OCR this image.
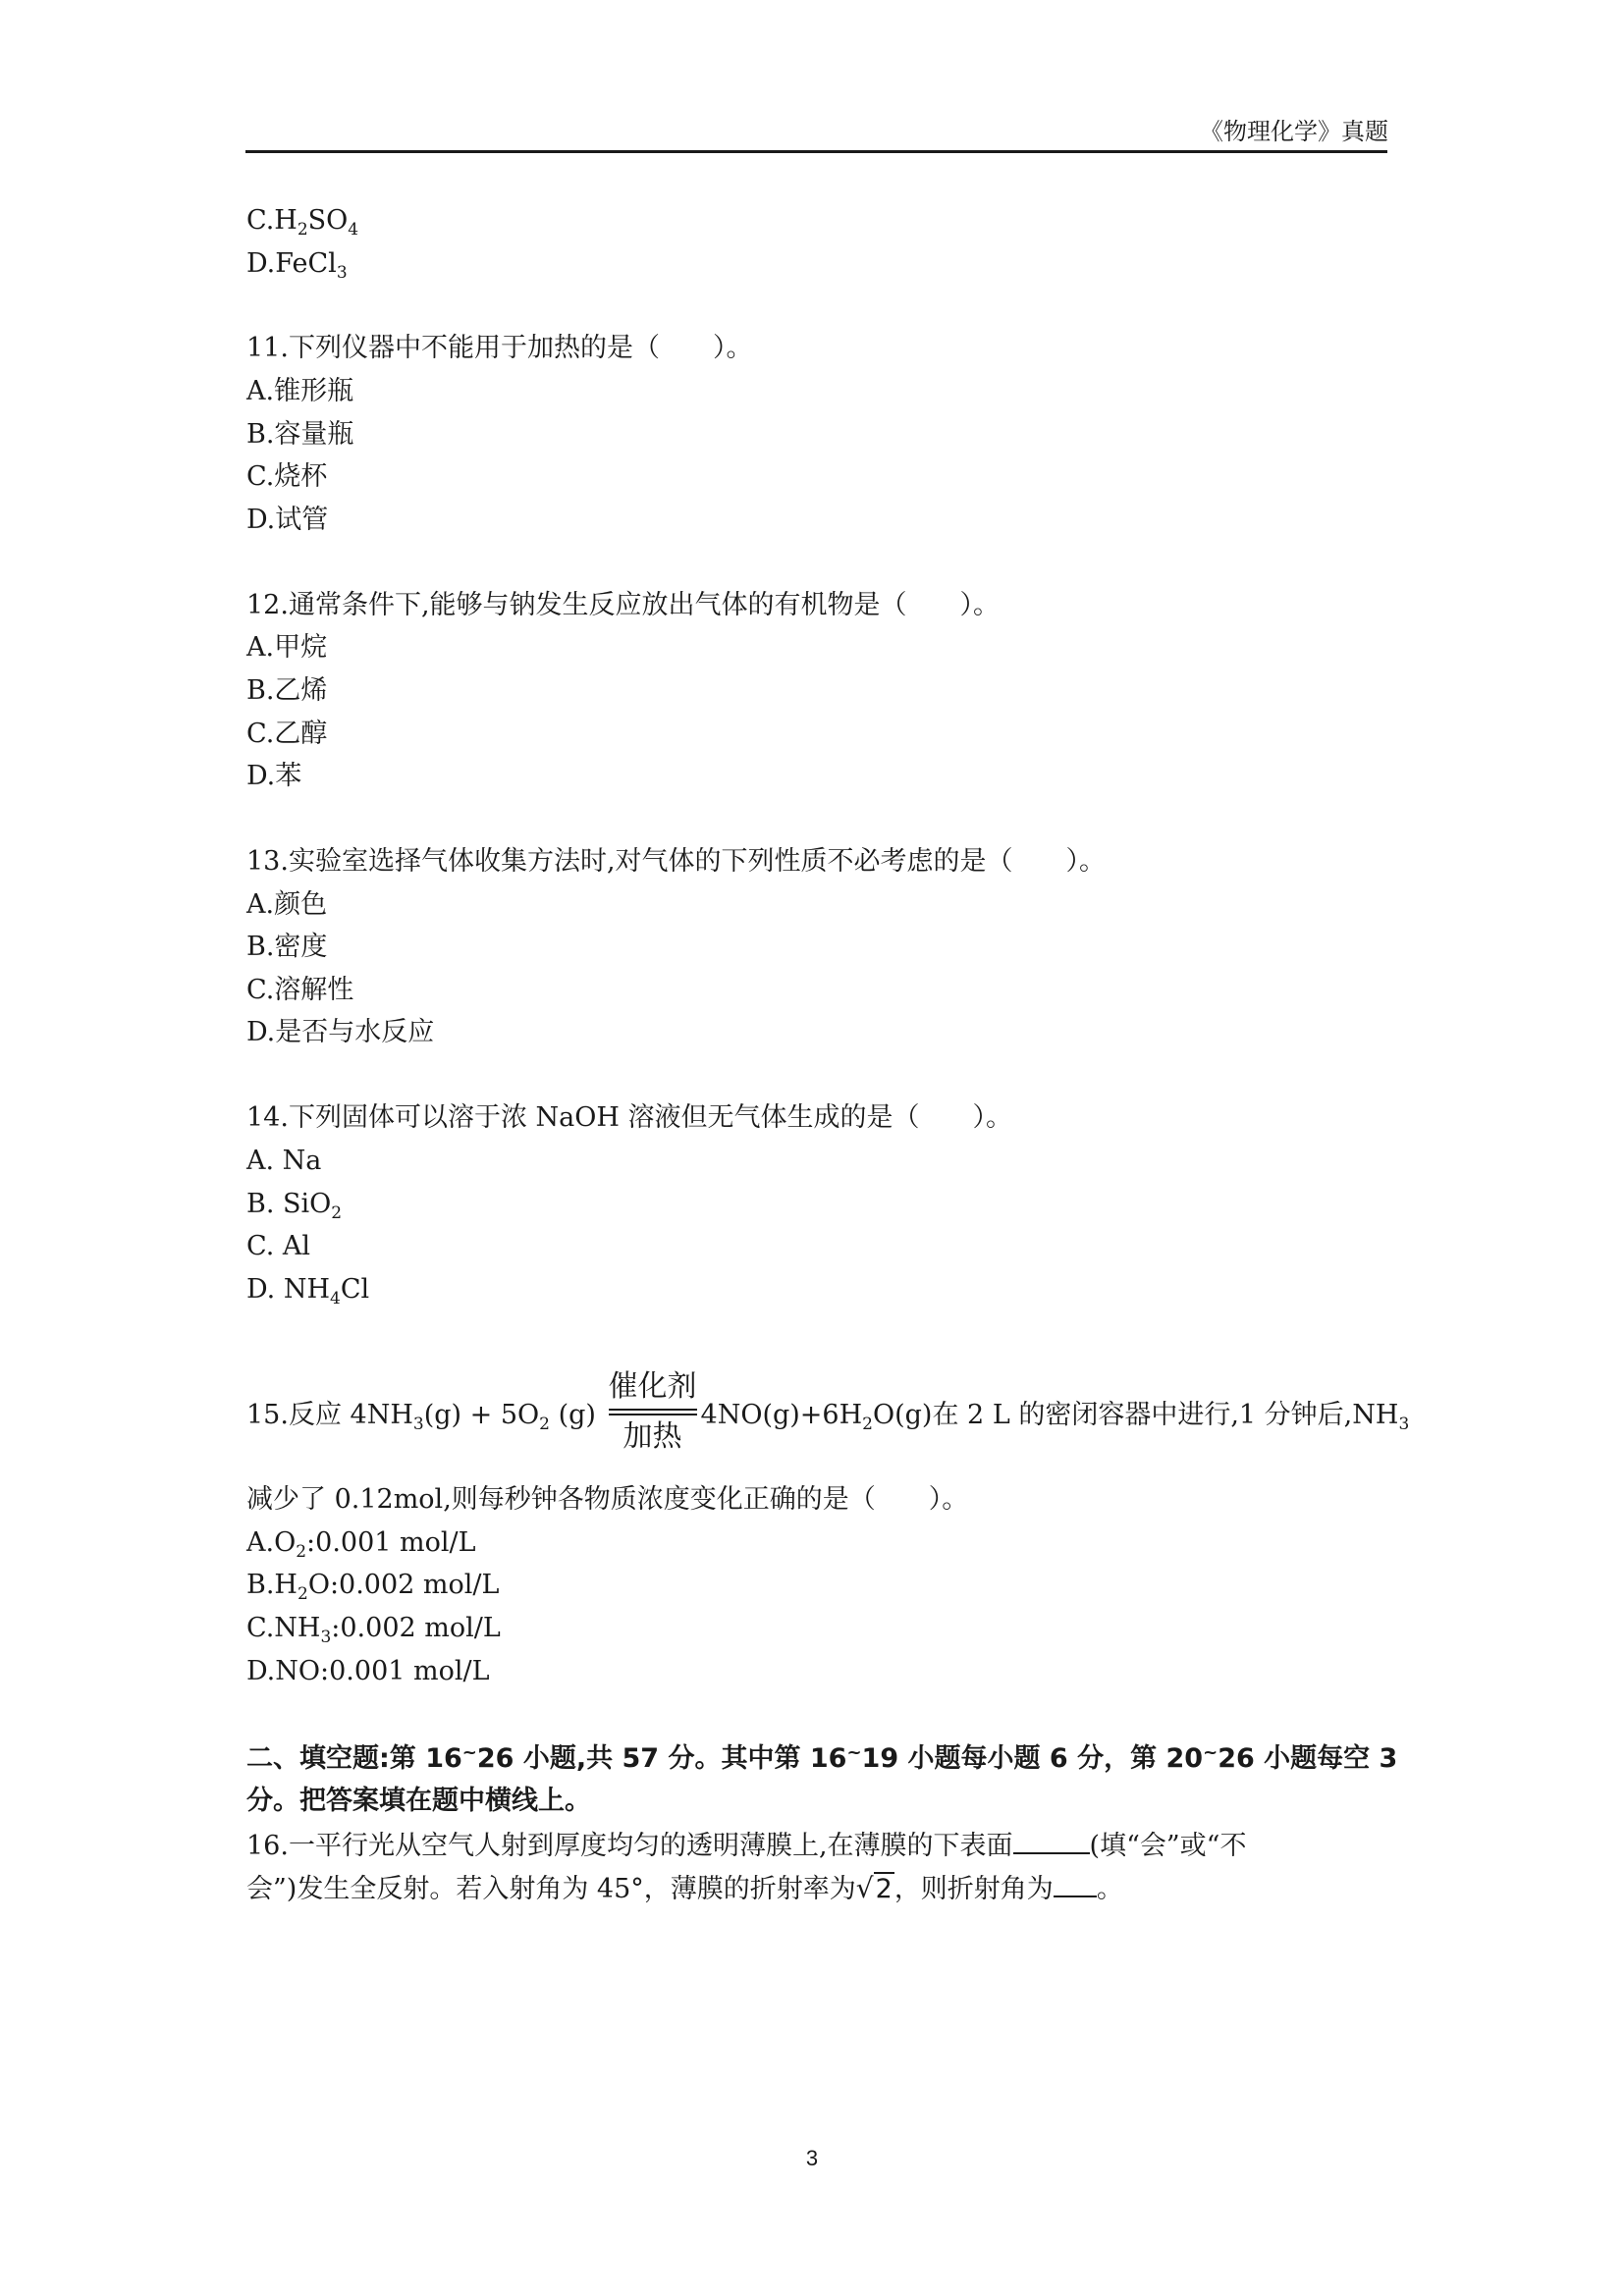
《物理化学》真题
$C.H_2SO_4$
D.FeCl$_3$
11.下列仪器中不能用于加热的是（　　）。
A.锥形瓶
B.容量瓶
C.烧杯
D.试管
12.通常条件下,能够与钠发生反应放出气体的有机物是（　　）。
A.甲烷
B.乙烯
C.乙醇
D.苯
13.实验室选择气体收集方法时,对气体的下列性质不必考虑的是（　　）。
A.颜色
B.密度
C.溶解性
D.是否与水反应
14.下列固体可以溶于浓 NaOH 溶液但无气体生成的是（　　）。
A. Na
B. SiO$_2$
C. Al
D. $NH_4Cl$
15.反应 $4NH_3(g) + 5O_2$ (g)
催化剂
加热
$4NO(g)+6H_2O(g)$在 2 L 的密闭容器中进行,1 分钟后$,NH_3$
减少了 0.12mol,则每秒钟各物质浓度变化正确的是（　　）。
$A.O_2:0.001$ mol/L
$B.H_2O:0.002$ mol/L
$C.NH_3:0.002$ mol/L
D.NO:0.001 mol/L
二、填空题:第 16~26 小题,共 57 分。其中第 16~19 小题每小题 6 分，第 20~26 小题每空 3
分。把答案填在题中横线上。
16.一平行光从空气人射到厚度均匀的透明薄膜上,在薄膜的下表面	(填“会”或“不
会”)发生全反射。若入射角为 45°，薄膜的折射率为√2，则折射角为 。
3
